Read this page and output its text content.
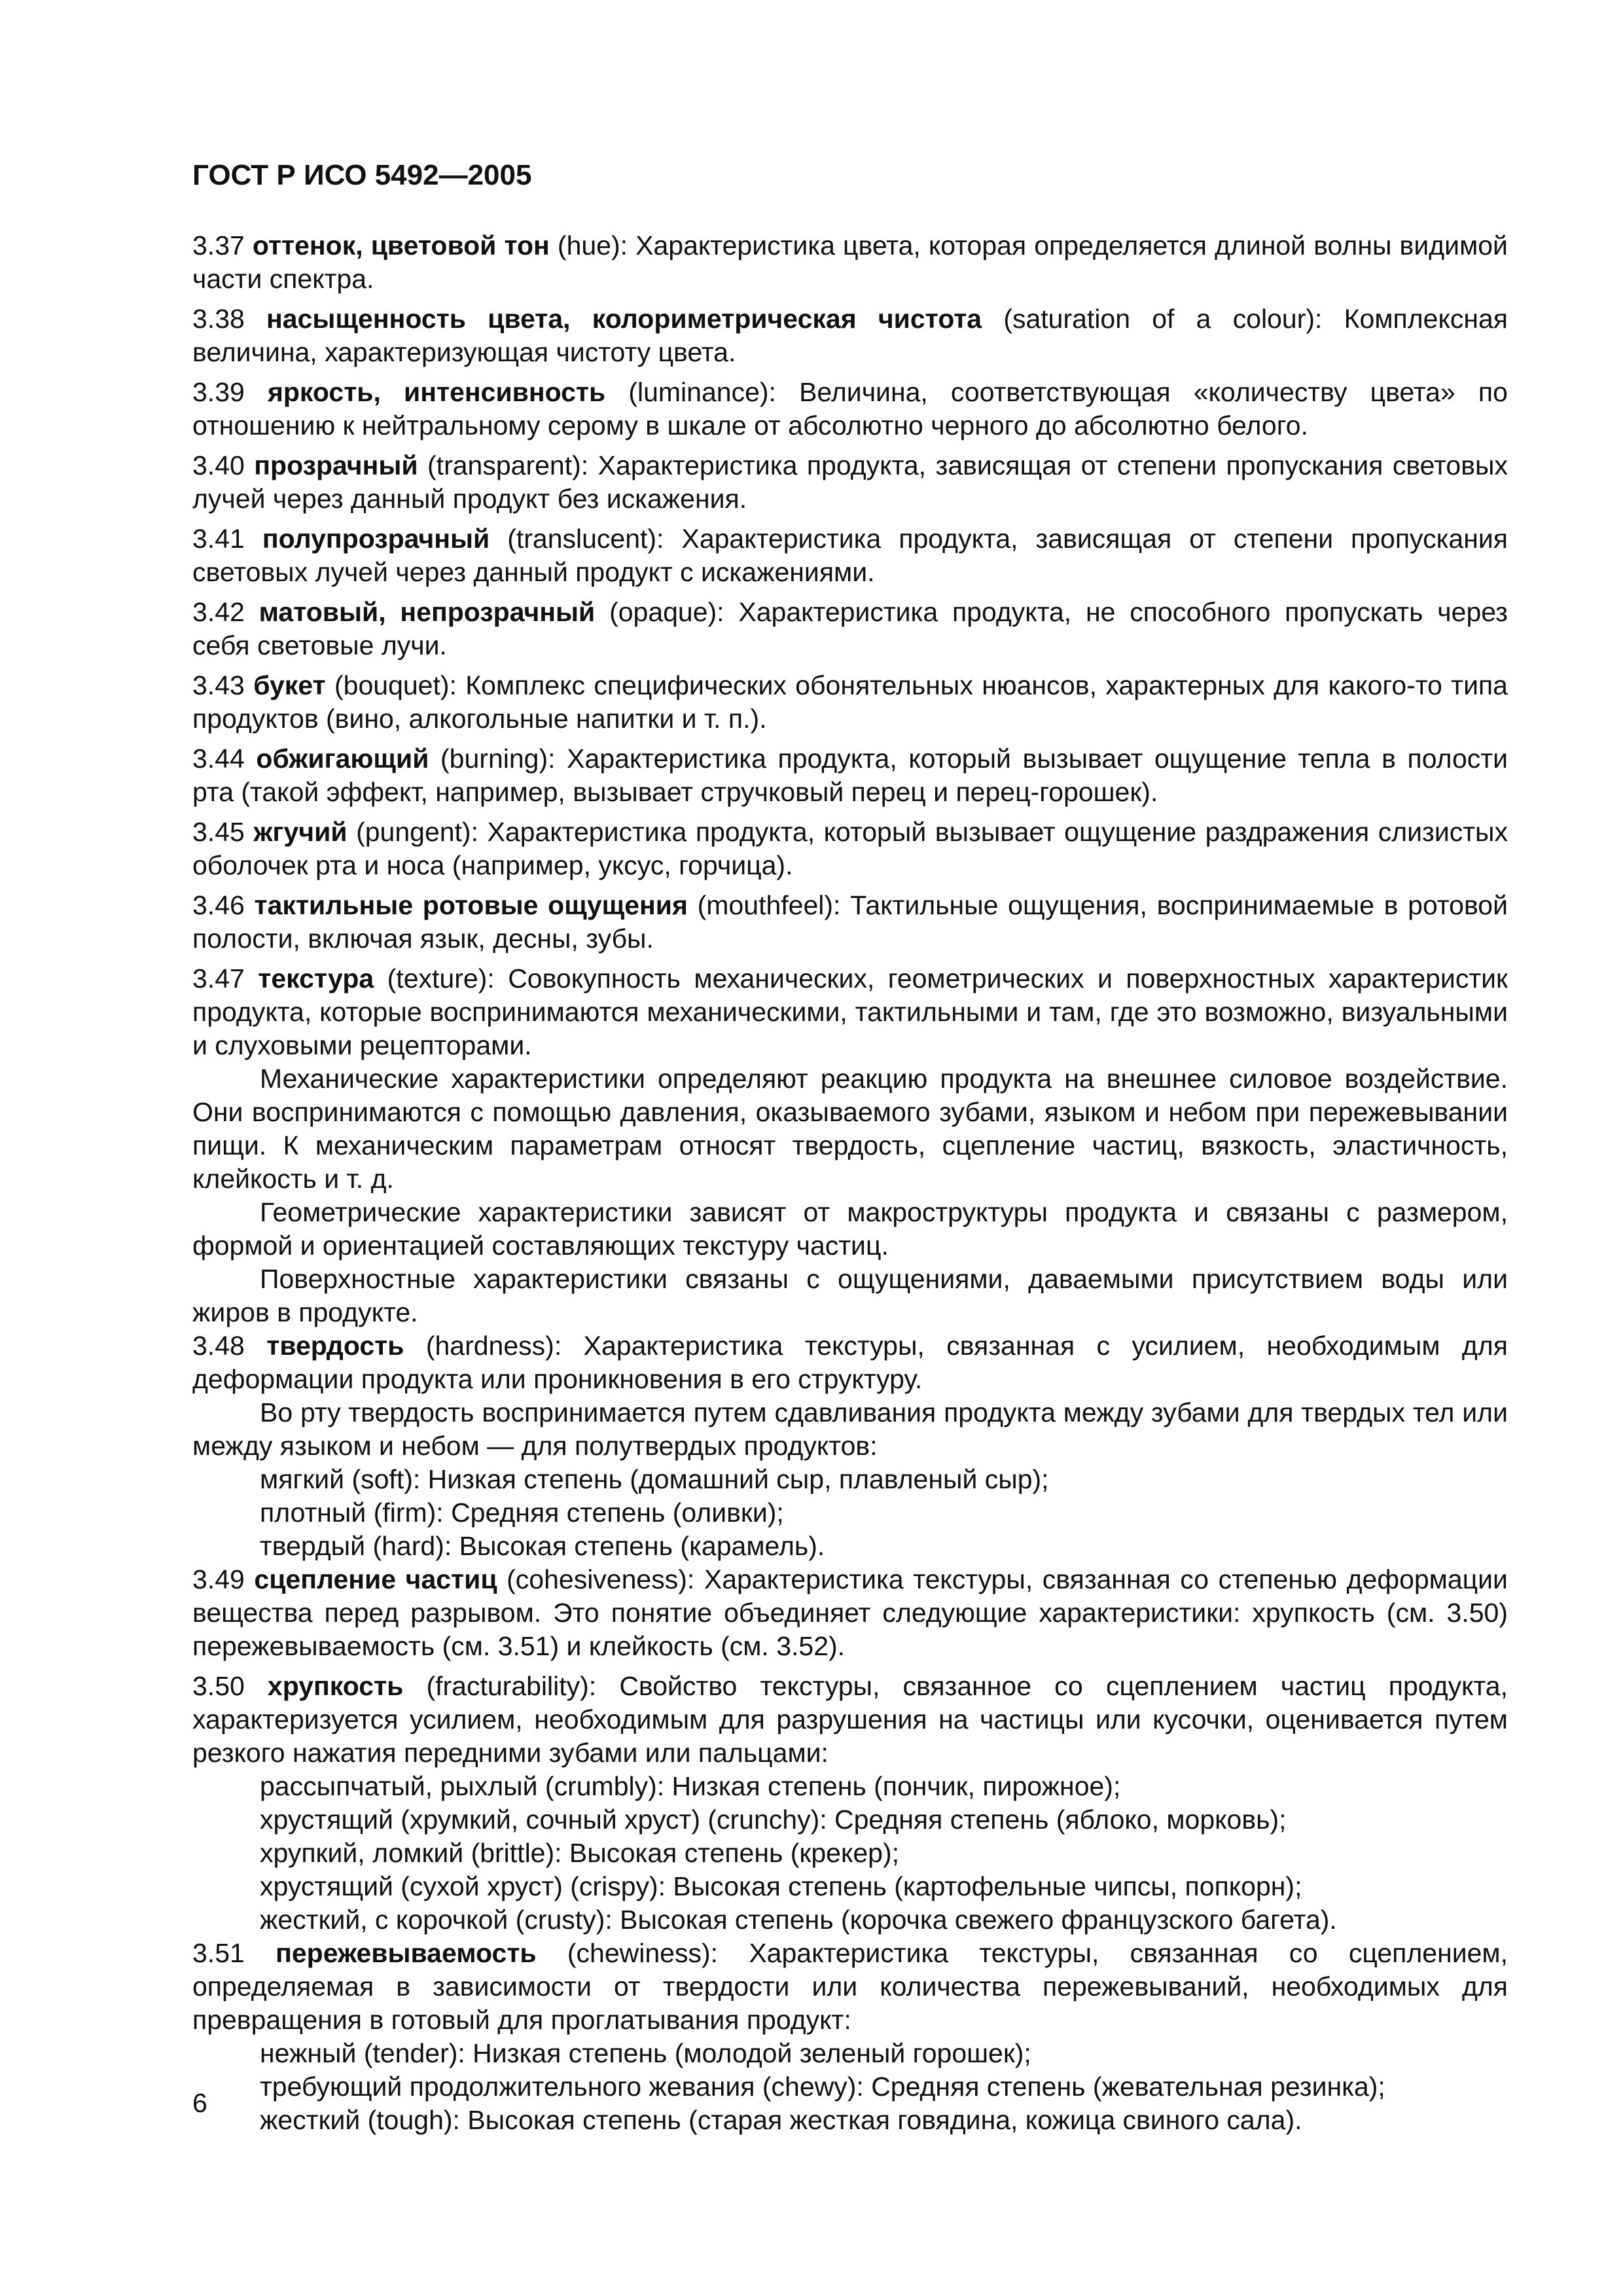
ГОСТ Р ИСО 5492—2005
3.37 оттенок, цветовой тон (hue): Характеристика цвета, которая определяется длиной волны видимой части спектра.
3.38 насыщенность цвета, колориметрическая чистота (saturation of a colour): Комплексная величина, характеризующая чистоту цвета.
3.39 яркость, интенсивность (luminance): Величина, соответствующая «количеству цвета» по отношению к нейтральному серому в шкале от абсолютно черного до абсолютно белого.
3.40 прозрачный (transparent): Характеристика продукта, зависящая от степени пропускания световых лучей через данный продукт без искажения.
3.41 полупрозрачный (translucent): Характеристика продукта, зависящая от степени пропускания световых лучей через данный продукт с искажениями.
3.42 матовый, непрозрачный (opaque): Характеристика продукта, не способного пропускать через себя световые лучи.
3.43 букет (bouquet): Комплекс специфических обонятельных нюансов, характерных для какого-то типа продуктов (вино, алкогольные напитки и т. п.).
3.44 обжигающий (burning): Характеристика продукта, который вызывает ощущение тепла в полости рта (такой эффект, например, вызывает стручковый перец и перец-горошек).
3.45 жгучий (pungent): Характеристика продукта, который вызывает ощущение раздражения слизистых оболочек рта и носа (например, уксус, горчица).
3.46 тактильные ротовые ощущения (mouthfeel): Тактильные ощущения, воспринимаемые в ротовой полости, включая язык, десны, зубы.
3.47 текстура (texture): Совокупность механических, геометрических и поверхностных характеристик продукта, которые воспринимаются механическими, тактильными и там, где это возможно, визуальными и слуховыми рецепторами.
Механические характеристики определяют реакцию продукта на внешнее силовое воздействие. Они воспринимаются с помощью давления, оказываемого зубами, языком и небом при пережевывании пищи. К механическим параметрам относят твердость, сцепление частиц, вязкость, эластичность, клейкость и т. д.
Геометрические характеристики зависят от макроструктуры продукта и связаны с размером, формой и ориентацией составляющих текстуру частиц.
Поверхностные характеристики связаны с ощущениями, даваемыми присутствием воды или жиров в продукте.
3.48 твердость (hardness): Характеристика текстуры, связанная с усилием, необходимым для деформации продукта или проникновения в его структуру.
Во рту твердость воспринимается путем сдавливания продукта между зубами для твердых тел или между языком и небом — для полутвердых продуктов:
мягкий (soft): Низкая степень (домашний сыр, плавленый сыр);
плотный (firm): Средняя степень (оливки);
твердый (hard): Высокая степень (карамель).
3.49 сцепление частиц (cohesiveness): Характеристика текстуры, связанная со степенью деформации вещества перед разрывом. Это понятие объединяет следующие характеристики: хрупкость (см. 3.50) пережевываемость (см. 3.51) и клейкость (см. 3.52).
3.50 хрупкость (fracturability): Свойство текстуры, связанное со сцеплением частиц продукта, характеризуется усилием, необходимым для разрушения на частицы или кусочки, оценивается путем резкого нажатия передними зубами или пальцами:
рассыпчатый, рыхлый (crumbly): Низкая степень (пончик, пирожное);
хрустящий (хрумкий, сочный хруст) (crunchy): Средняя степень (яблоко, морковь);
хрупкий, ломкий (brittle): Высокая степень (крекер);
хрустящий (сухой хруст) (crispy): Высокая степень (картофельные чипсы, попкорн);
жесткий, с корочкой (crusty): Высокая степень (корочка свежего французского багета).
3.51 пережевываемость (chewiness): Характеристика текстуры, связанная со сцеплением, определяемая в зависимости от твердости или количества пережевываний, необходимых для превращения в готовый для проглатывания продукт:
нежный (tender): Низкая степень (молодой зеленый горошек);
требующий продолжительного жевания (chewy): Средняя степень (жевательная резинка);
жесткий (tough): Высокая степень (старая жесткая говядина, кожица свиного сала).
6
